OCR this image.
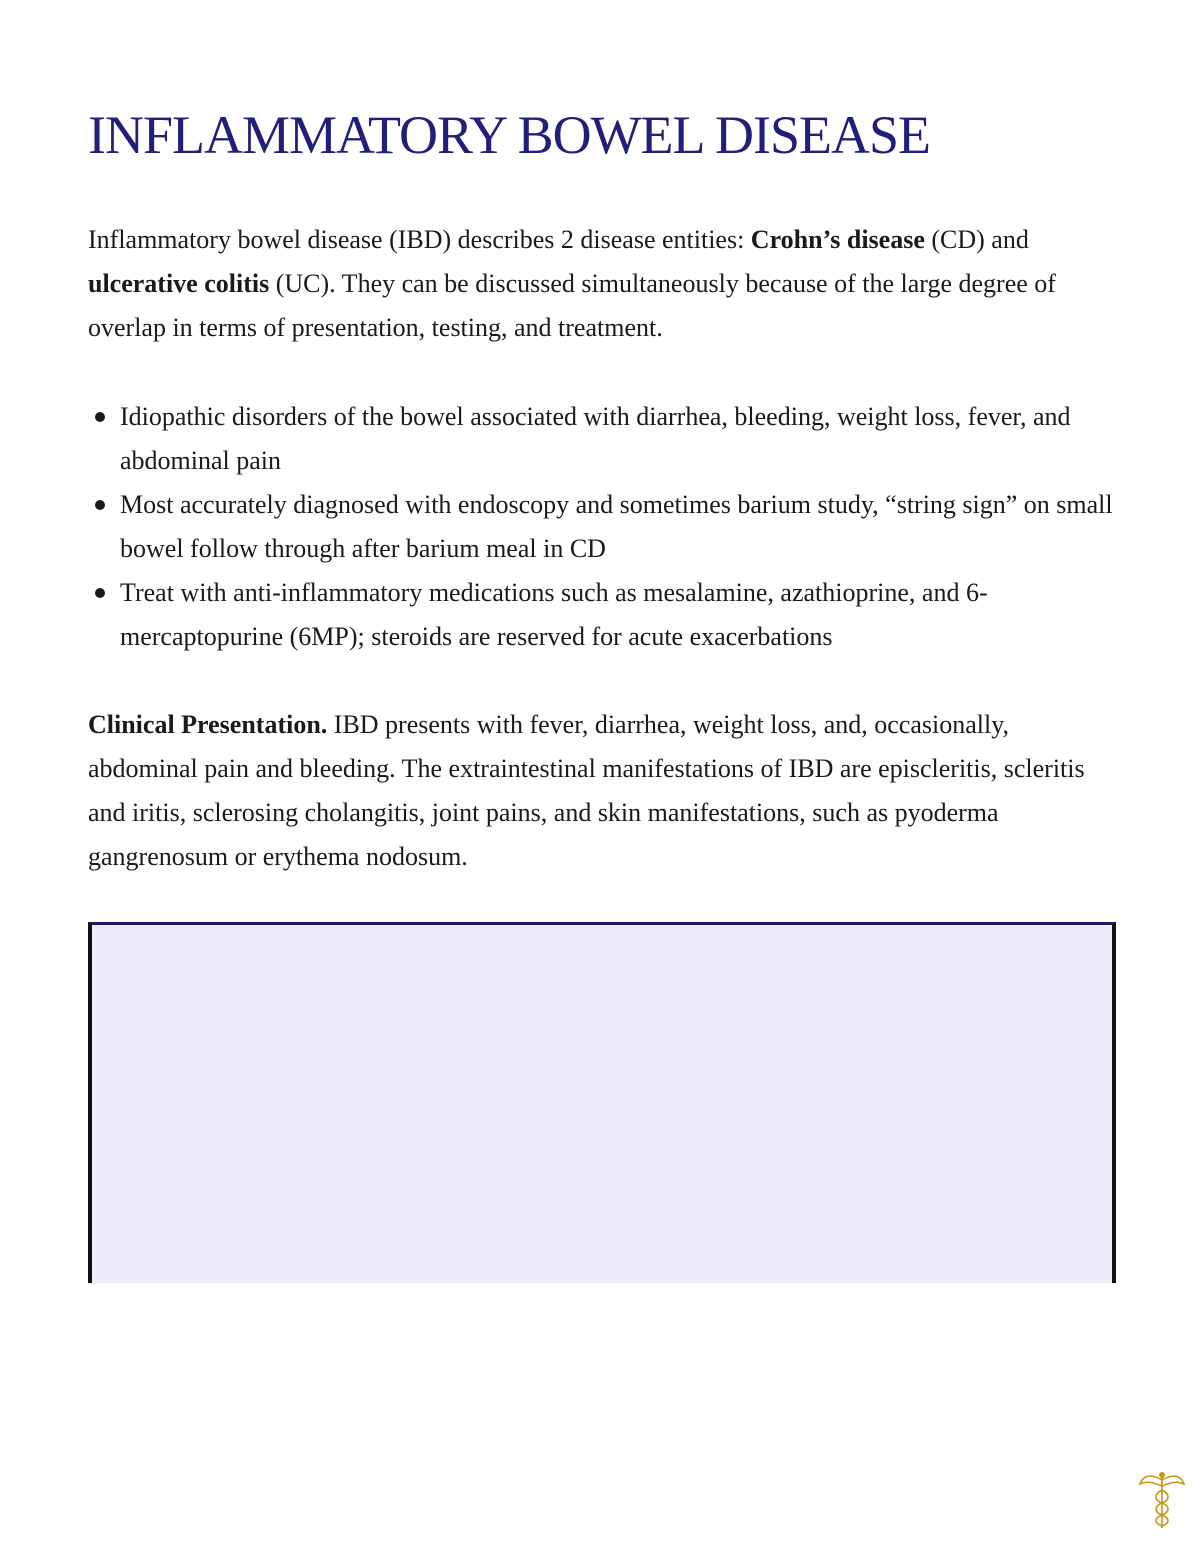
INFLAMMATORY BOWEL DISEASE

Inflammatory bowel disease (IBD) describes 2 disease entities: Crohn’s disease (CD) and ulcerative colitis (UC). They can be discussed simultaneously because of the large degree of overlap in terms of presentation, testing, and treatment.

Idiopathic disorders of the bowel associated with diarrhea, bleeding, weight loss, fever, and abdominal pain
Most accurately diagnosed with endoscopy and sometimes barium study, “string sign” on small bowel follow through after barium meal in CD
Treat with anti-inflammatory medications such as mesalamine, azathioprine, and 6-mercaptopurine (6MP); steroids are reserved for acute exacerbations

Clinical Presentation. IBD presents with fever, diarrhea, weight loss, and, occasionally, abdominal pain and bleeding. The extraintestinal manifestations of IBD are episcleritis, scleritis and iritis, sclerosing cholangitis, joint pains, and skin manifestations, such as pyoderma gangrenosum or erythema nodosum.
